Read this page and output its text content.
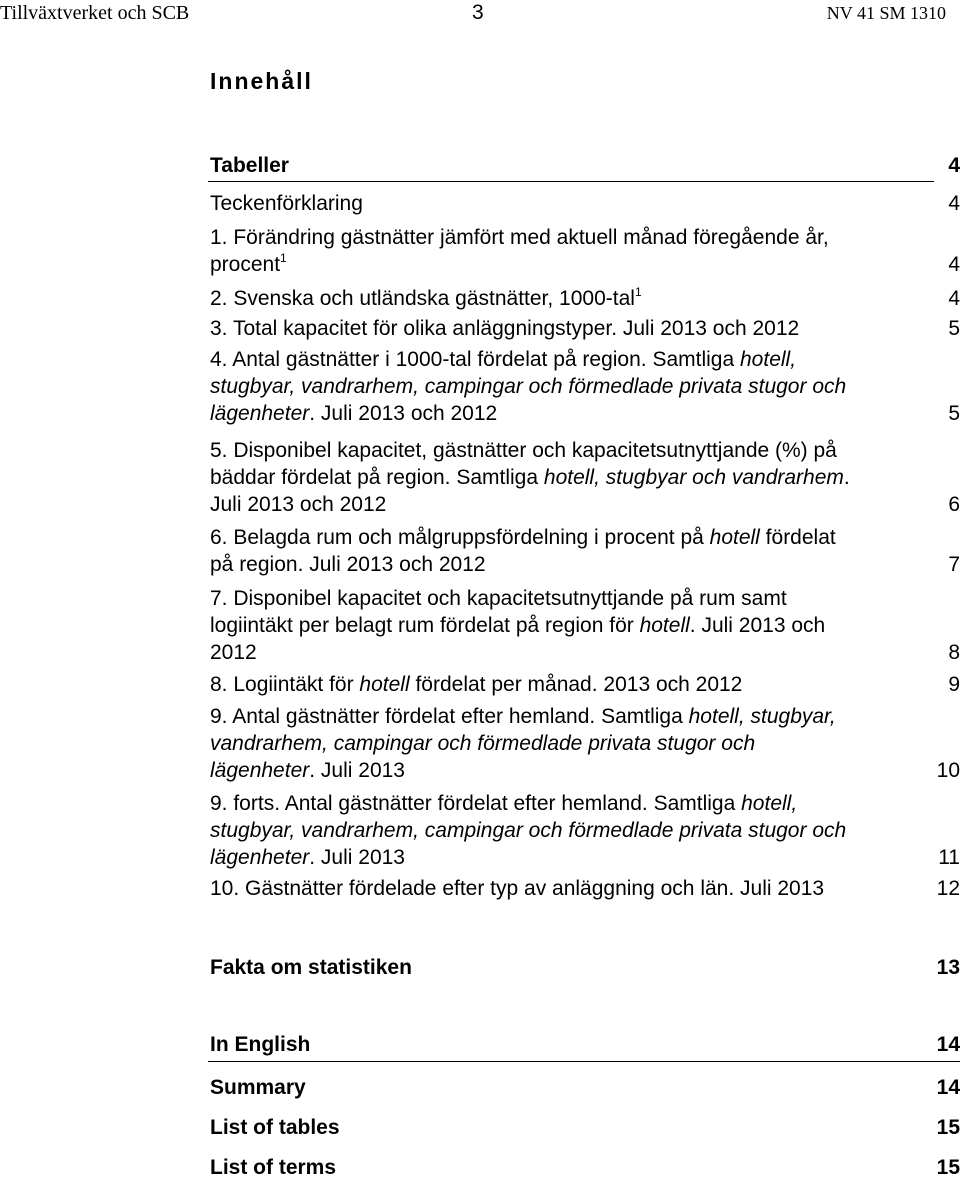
Tillväxtverket och SCB	3	NV 41 SM 1310
Innehåll
Tabeller	4
Teckenförklaring	4
1. Förändring gästnätter jämfört med aktuell månad föregående år,
procent$^1$	4
2. Svenska och utländska gästnätter, 1000-tal$^1$	4
3. Total kapacitet för olika anläggningstyper. Juli 2013 och 2012	5
4. Antal gästnätter i 1000-tal fördelat på region. Samtliga hotell,
stugbyar, vandrarhem, campingar och förmedlade privata stugor och
lägenheter. Juli 2013 och 2012	5
5. Disponibel kapacitet, gästnätter och kapacitetsutnyttjande (%) på
bäddar fördelat på region. Samtliga hotell, stugbyar och vandrarhem.
Juli 2013 och 2012	6
6. Belagda rum och målgruppsfördelning i procent på hotell fördelat
på region. Juli 2013 och 2012	7
7. Disponibel kapacitet och kapacitetsutnyttjande på rum samt
logiintäkt per belagt rum fördelat på region för hotell. Juli 2013 och
2012	8
8. Logiintäkt för hotell fördelat per månad. 2013 och 2012	9
9. Antal gästnätter fördelat efter hemland. Samtliga hotell, stugbyar,
vandrarhem, campingar och förmedlade privata stugor och
lägenheter. Juli 2013	10
9. forts. Antal gästnätter fördelat efter hemland. Samtliga hotell,
stugbyar, vandrarhem, campingar och förmedlade privata stugor och
lägenheter. Juli 2013	11
10. Gästnätter fördelade efter typ av anläggning och län. Juli 2013	12
Fakta om statistiken	13
In English	14
Summary	14
List of tables	15
List of terms	15
